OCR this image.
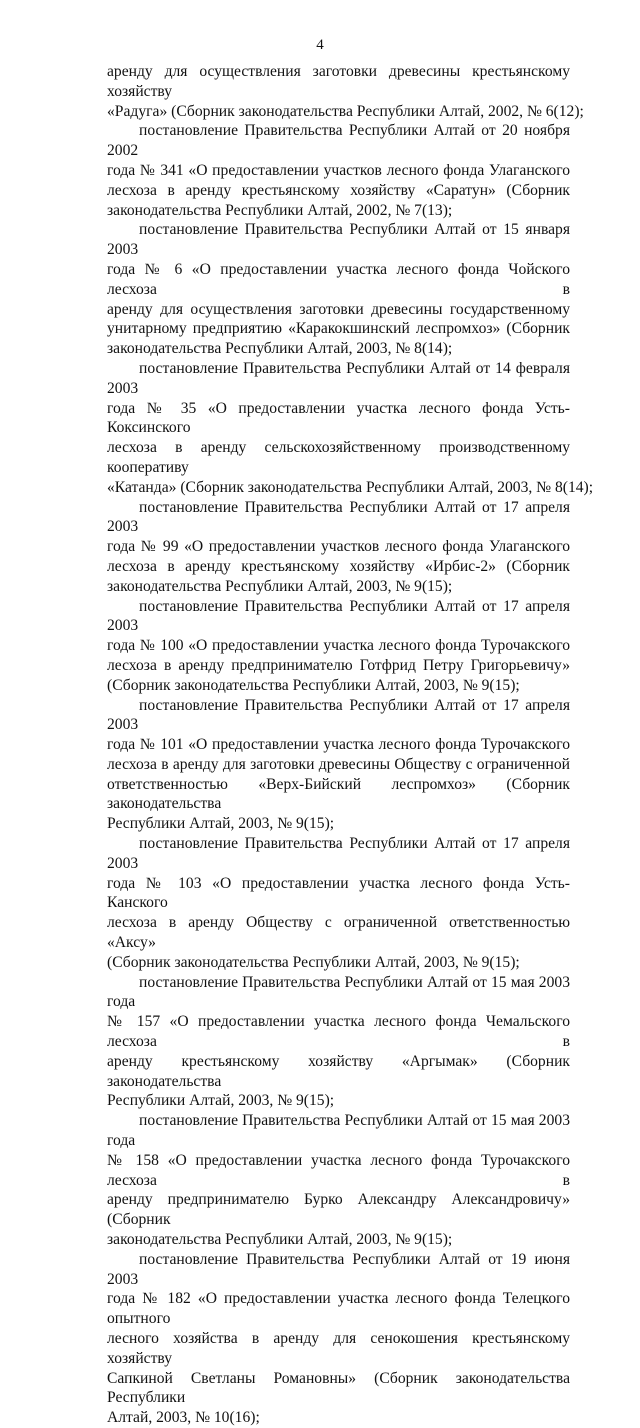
4

аренду для осуществления заготовки древесины крестьянскому хозяйству
«Радуга» (Сборник законодательства Республики Алтай, 2002, № 6(12);

постановление Правительства Республики Алтай от 20 ноября 2002
года № 341 «О предоставлении участков лесного фонда Улаганского
лесхоза в аренду крестьянскому хозяйству «Саратун» (Сборник
законодательства Республики Алтай, 2002, № 7(13);

постановление Правительства Республики Алтай от 15 января 2003
года № 6 «О предоставлении участка лесного фонда Чойского лесхоза в
аренду для осуществления заготовки древесины государственному
унитарному предприятию «Каракокшинский леспромхоз» (Сборник
законодательства Республики Алтай, 2003, № 8(14);

постановление Правительства Республики Алтай от 14 февраля 2003
года № 35 «О предоставлении участка лесного фонда Усть-Коксинского
лесхоза в аренду сельскохозяйственному производственному кооперативу
«Катанда» (Сборник законодательства Республики Алтай, 2003, № 8(14);

постановление Правительства Республики Алтай от 17 апреля 2003
года № 99 «О предоставлении участков лесного фонда Улаганского
лесхоза в аренду крестьянскому хозяйству «Ирбис-2» (Сборник
законодательства Республики Алтай, 2003, № 9(15);

постановление Правительства Республики Алтай от 17 апреля 2003
года № 100 «О предоставлении участка лесного фонда Турочакского
лесхоза в аренду предпринимателю Готфрид Петру Григорьевичу»
(Сборник законодательства Республики Алтай, 2003, № 9(15);

постановление Правительства Республики Алтай от 17 апреля 2003
года № 101 «О предоставлении участка лесного фонда Турочакского
лесхоза в аренду для заготовки древесины Обществу с ограниченной
ответственностью «Верх-Бийский леспромхоз» (Сборник законодательства
Республики Алтай, 2003, № 9(15);

постановление Правительства Республики Алтай от 17 апреля 2003
года № 103 «О предоставлении участка лесного фонда Усть-Канского
лесхоза в аренду Обществу с ограниченной ответственностью «Аксу»
(Сборник законодательства Республики Алтай, 2003, № 9(15);

постановление Правительства Республики Алтай от 15 мая 2003 года
№ 157 «О предоставлении участка лесного фонда Чемальского лесхоза в
аренду крестьянскому хозяйству «Аргымак» (Сборник законодательства
Республики Алтай, 2003, № 9(15);

постановление Правительства Республики Алтай от 15 мая 2003 года
№ 158 «О предоставлении участка лесного фонда Турочакского лесхоза в
аренду предпринимателю Бурко Александру Александровичу» (Сборник
законодательства Республики Алтай, 2003, № 9(15);

постановление Правительства Республики Алтай от 19 июня 2003
года № 182 «О предоставлении участка лесного фонда Телецкого опытного
лесного хозяйства в аренду для сенокошения крестьянскому хозяйству
Сапкиной Светланы Романовны» (Сборник законодательства Республики
Алтай, 2003, № 10(16);
